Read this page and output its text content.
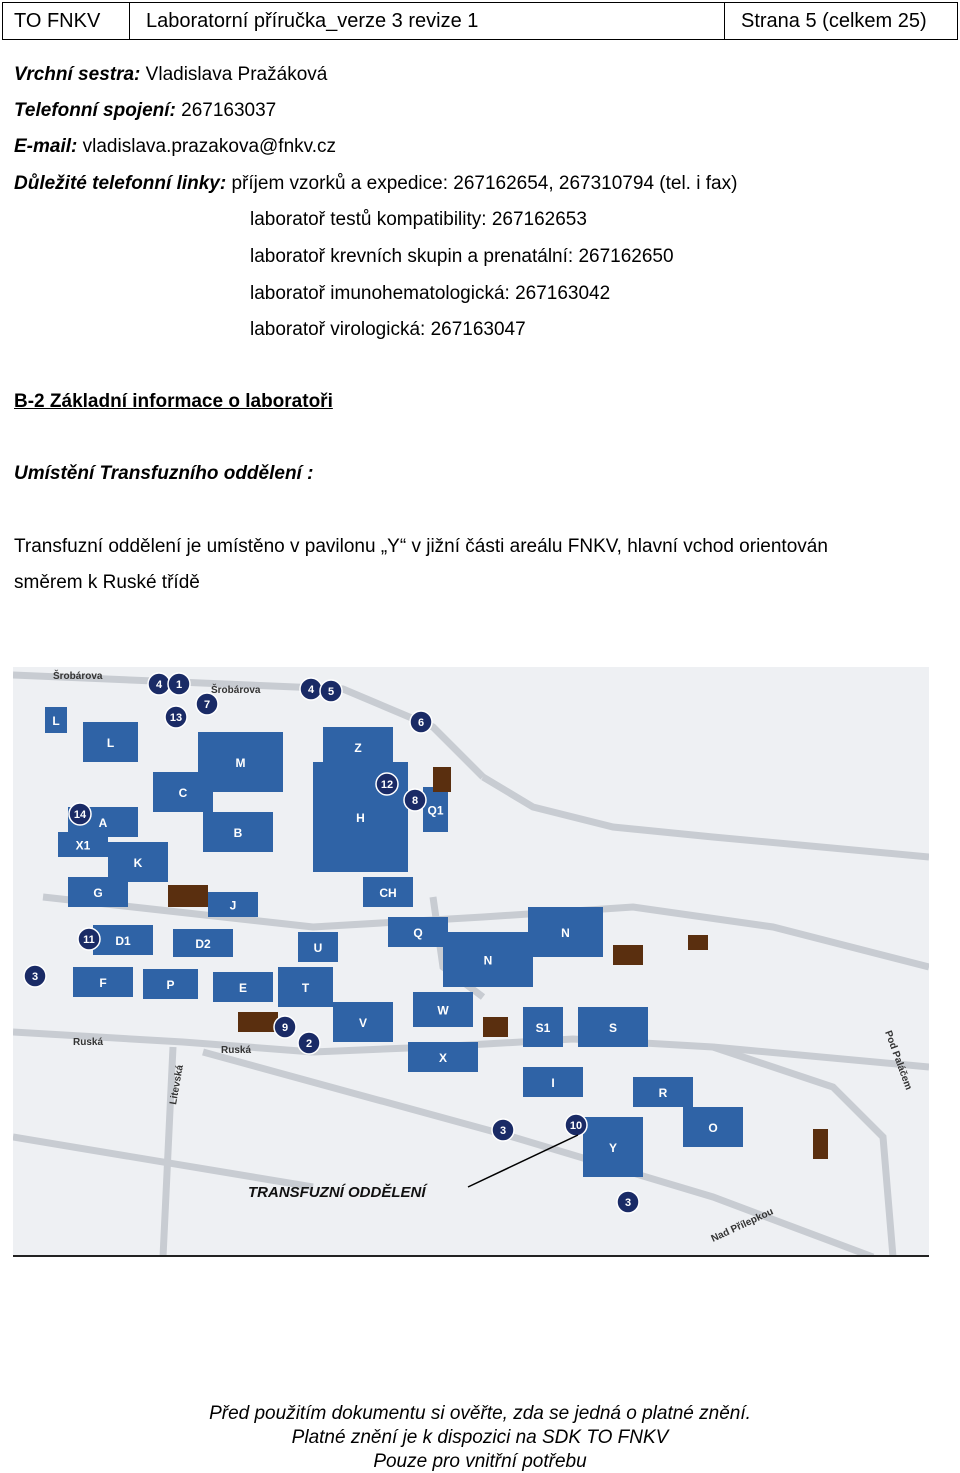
TO FNKV	Laboratorní příručka_verze 3 revize 1	Strana 5 (celkem 25)
Vrchní sestra: Vladislava Pražáková
Telefonní spojení: 267163037
E-mail: vladislava.prazakova@fnkv.cz
Důležité telefonní linky: příjem vzorků a expedice: 267162654, 267310794 (tel. i fax)
laboratoř testů kompatibility: 267162653
laboratoř krevních skupin a prenatální: 267162650
laboratoř imunohematologická: 267163042
laboratoř virologická: 267163047
B-2 Základní informace o laboratoři
Umístění Transfuzního oddělení :
Transfuzní oddělení je umístěno v pavilonu „Y“ v jižní části areálu FNKV, hlavní vchod orientován
směrem k Ruské třídě
L
L
M
Z
C
H
B
A
X1
K
G	CH
J
D1	D2	U
Q
N
N
F	P	E	T
V
W
S1	S
X
I
R
Y
O
Q1
4 1	4 5
13
7
6
12
8
14
11
3
9
2
3	10
3
Šrobárova
Šrobárova
Ruská
Ruská
Litevská	Pod Paláčem
Nad Přílepkou
TRANSFUZNÍ ODDĚLENÍ
Před použitím dokumentu si ověřte, zda se jedná o platné znění.
Platné znění je k dispozici na SDK TO FNKV
Pouze pro vnitřní potřebu
